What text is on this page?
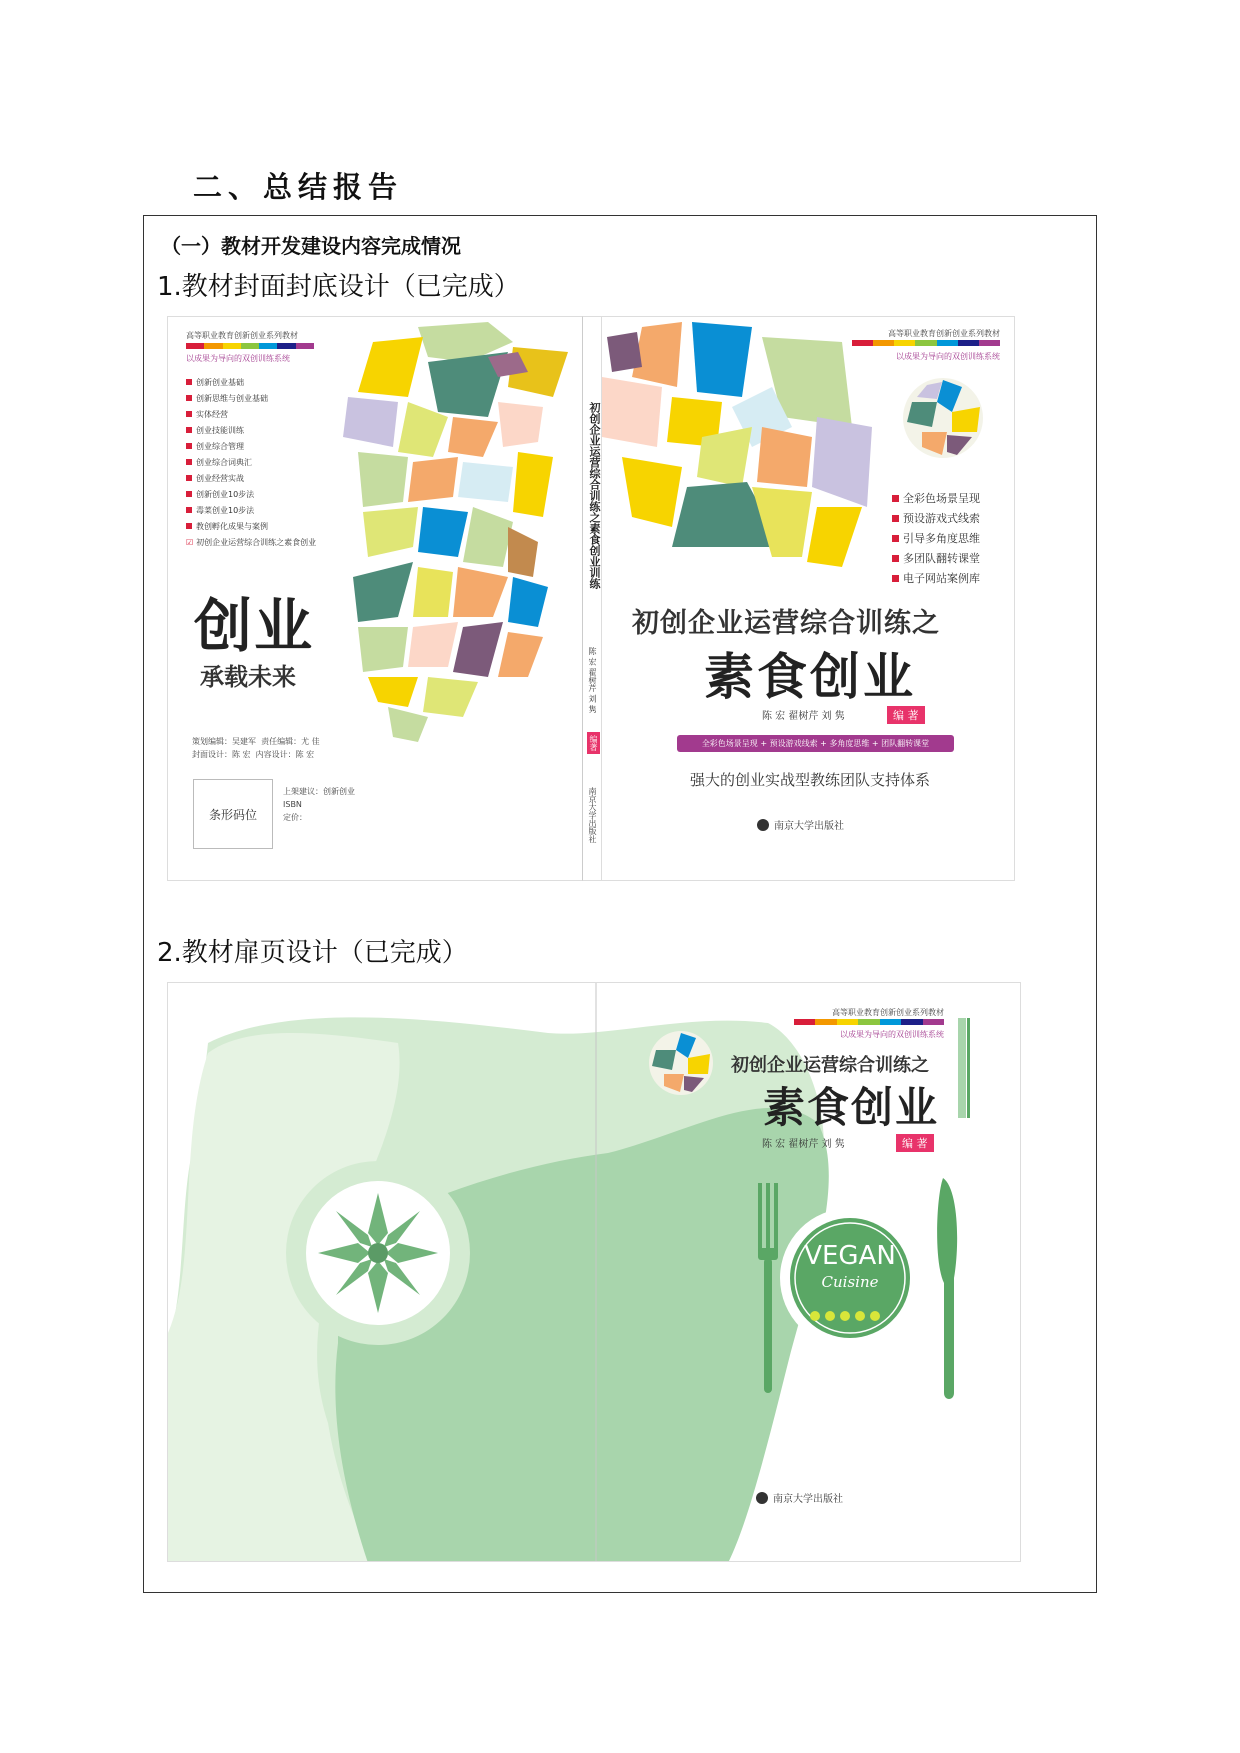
二、总结报告
（一）教材开发建设内容完成情况
1.教材封面封底设计（已完成）
高等职业教育创新创业系列教材
以成果为导向的双创训练系统
创新创业基础
创新思维与创业基础
实体经营
创业技能训练
创业综合管理
创业综合词典汇
创业经营实战
创新创业10步法
毒菜创业10步法
教创孵化成果与案例
☑ 初创企业运营综合训练之素食创业
创业
承载未来
策划编辑：吴建军 责任编辑：尤 佳
封面设计：陈 宏 内容设计：陈 宏
条形码位
上架建议：创新创业
ISBN
定价：
初创企业运营综合训练之素食创业训练
陈 宏 翟树芹 刘 隽
编著
南京大学出版社
高等职业教育创新创业系列教材
以成果为导向的双创训练系统
全彩色场景呈现
预设游戏式线索
引导多角度思维
多团队翻转课堂
电子网站案例库
初创企业运营综合训练之
素食创业
陈 宏 翟树芹 刘 隽	编 著
全彩色场景呈现 + 预设游戏线索 + 多角度思维 + 团队翻转课堂
强大的创业实战型教练团队支持体系
南京大学出版社
2.教材扉页设计（已完成）
高等职业教育创新创业系列教材
以成果为导向的双创训练系统
初创企业运营综合训练之
素食创业
陈 宏 翟树芹 刘 隽	编 著
VEGAN
Cuisine
南京大学出版社
